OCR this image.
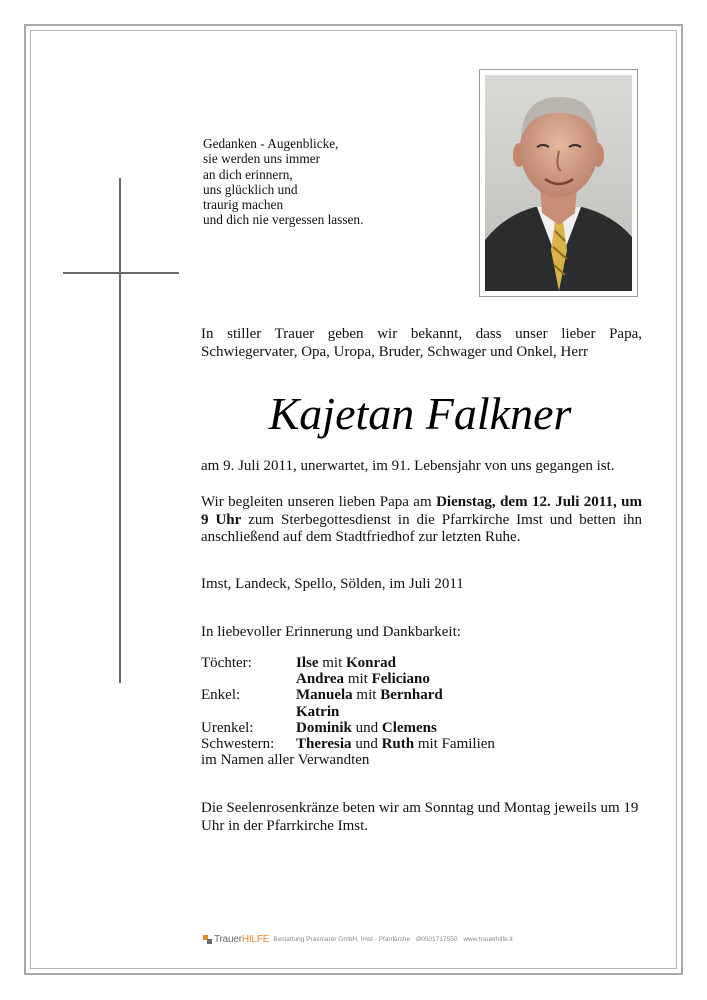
Gedanken - Augenblicke,
sie werden uns immer
an dich erinnern,
uns glücklich und
traurig machen
und dich nie vergessen lassen.
In stiller Trauer geben wir bekannt, dass unser lieber Papa, Schwiegervater, Opa, Uropa, Bruder, Schwager und Onkel, Herr
Kajetan Falkner
am 9. Juli 2011, unerwartet, im 91. Lebensjahr von uns gegangen ist.
Wir begleiten unseren lieben Papa am Dienstag, dem 12. Juli 2011, um 9 Uhr zum Sterbegottesdienst in die Pfarrkirche Imst und betten ihn anschließend auf dem Stadtfriedhof zur letzten Ruhe.
Imst, Landeck, Spello, Sölden, im Juli 2011
In liebevoller Erinnerung und Dankbarkeit:
Töchter:	Ilse mit Konrad
Andrea mit Feliciano
Enkel:	Manuela mit Bernhard
Katrin
Urenkel:	Dominik und Clemens
Schwestern:	Theresia und Ruth mit Familien
im Namen aller Verwandten
Die Seelenrosenkränze beten wir am Sonntag und Montag jeweils um 19 Uhr in der Pfarrkirche Imst.
TrauerHILFE Bestattung Praxmarer GmbH, Imst - Pfarrkirche Ø0501717550 www.trauerhilfe.it
